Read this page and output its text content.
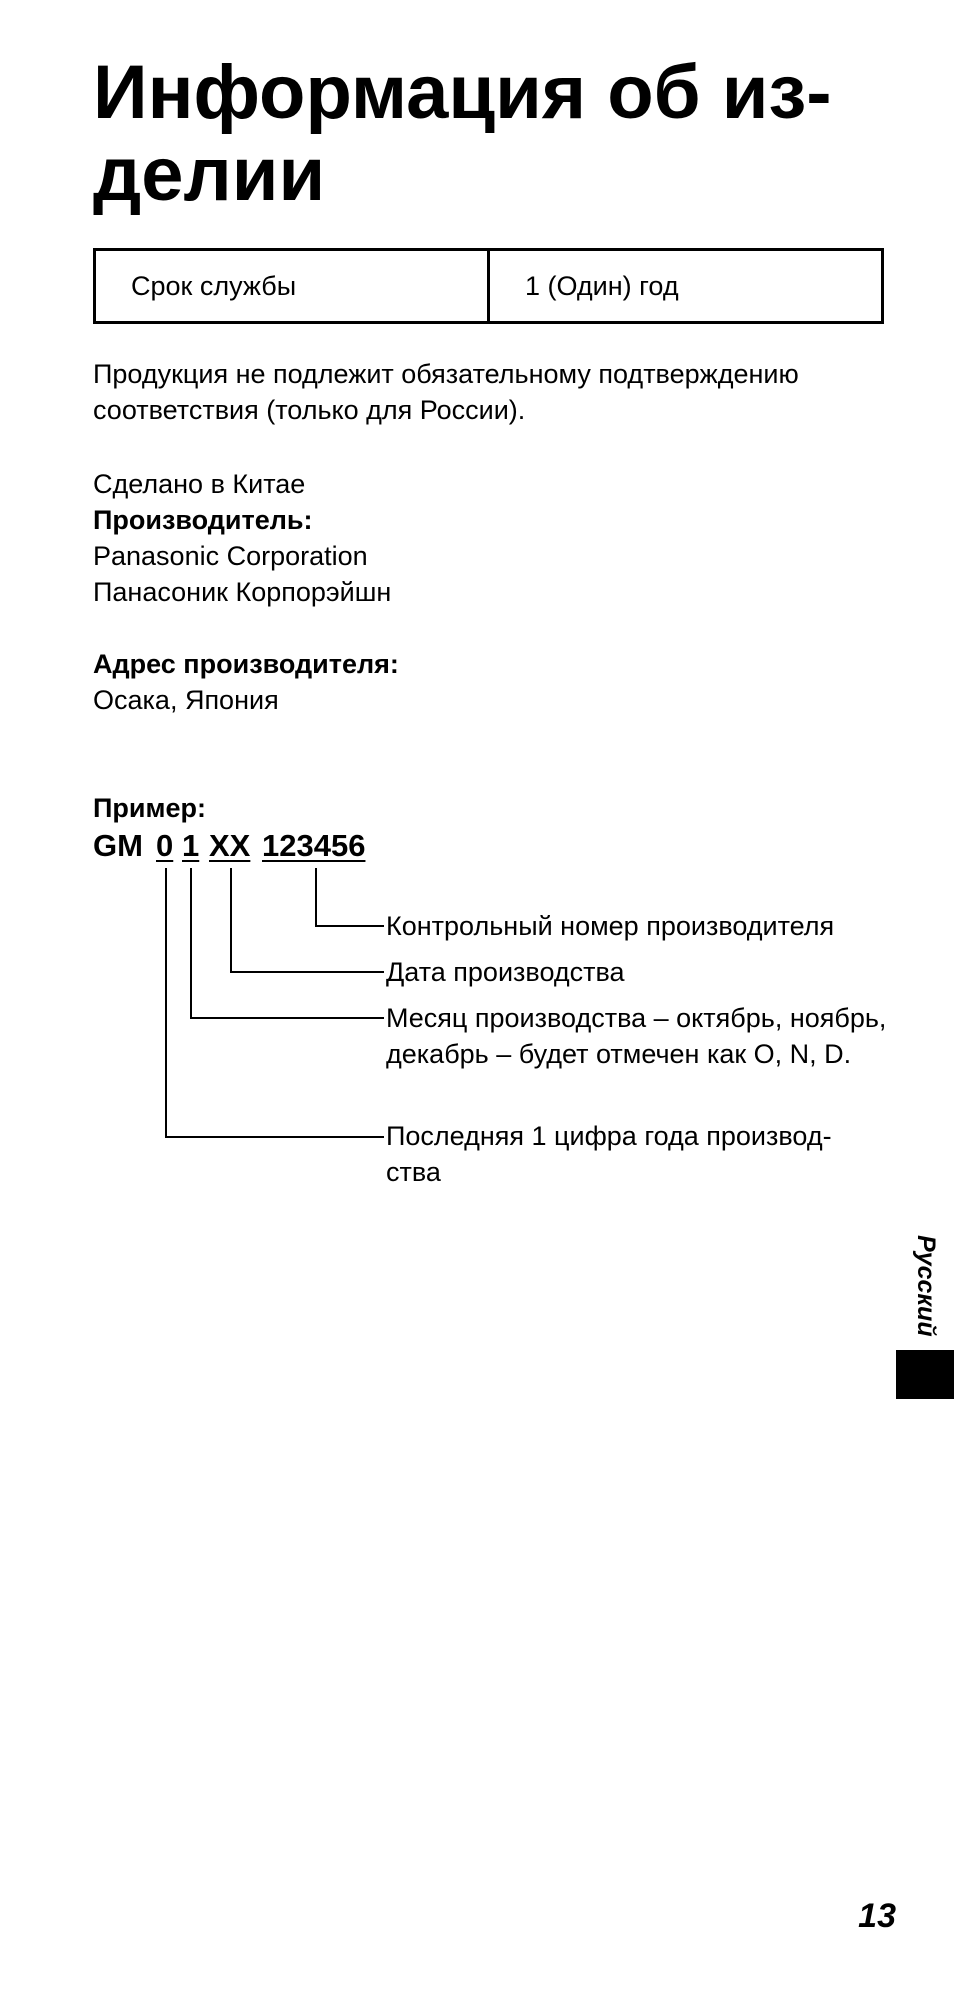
Информация об из-
делии
Срок службы	1 (Один) год

Продукция не подлежит обязательному подтверждению соответствия (только для России).

Сделано в Китае

Производитель:

Panasonic Corporation

Панасоник Корпорэйшн

Адрес производителя:

Осака, Япония

Пример:

GM 0 1 XX 123456

Контрольный номер производителя

Дата производства

Месяц производства – октябрь, ноябрь, декабрь – будет отмечен как O, N, D.

Последняя 1 цифра года производ-ства

Русский
13
